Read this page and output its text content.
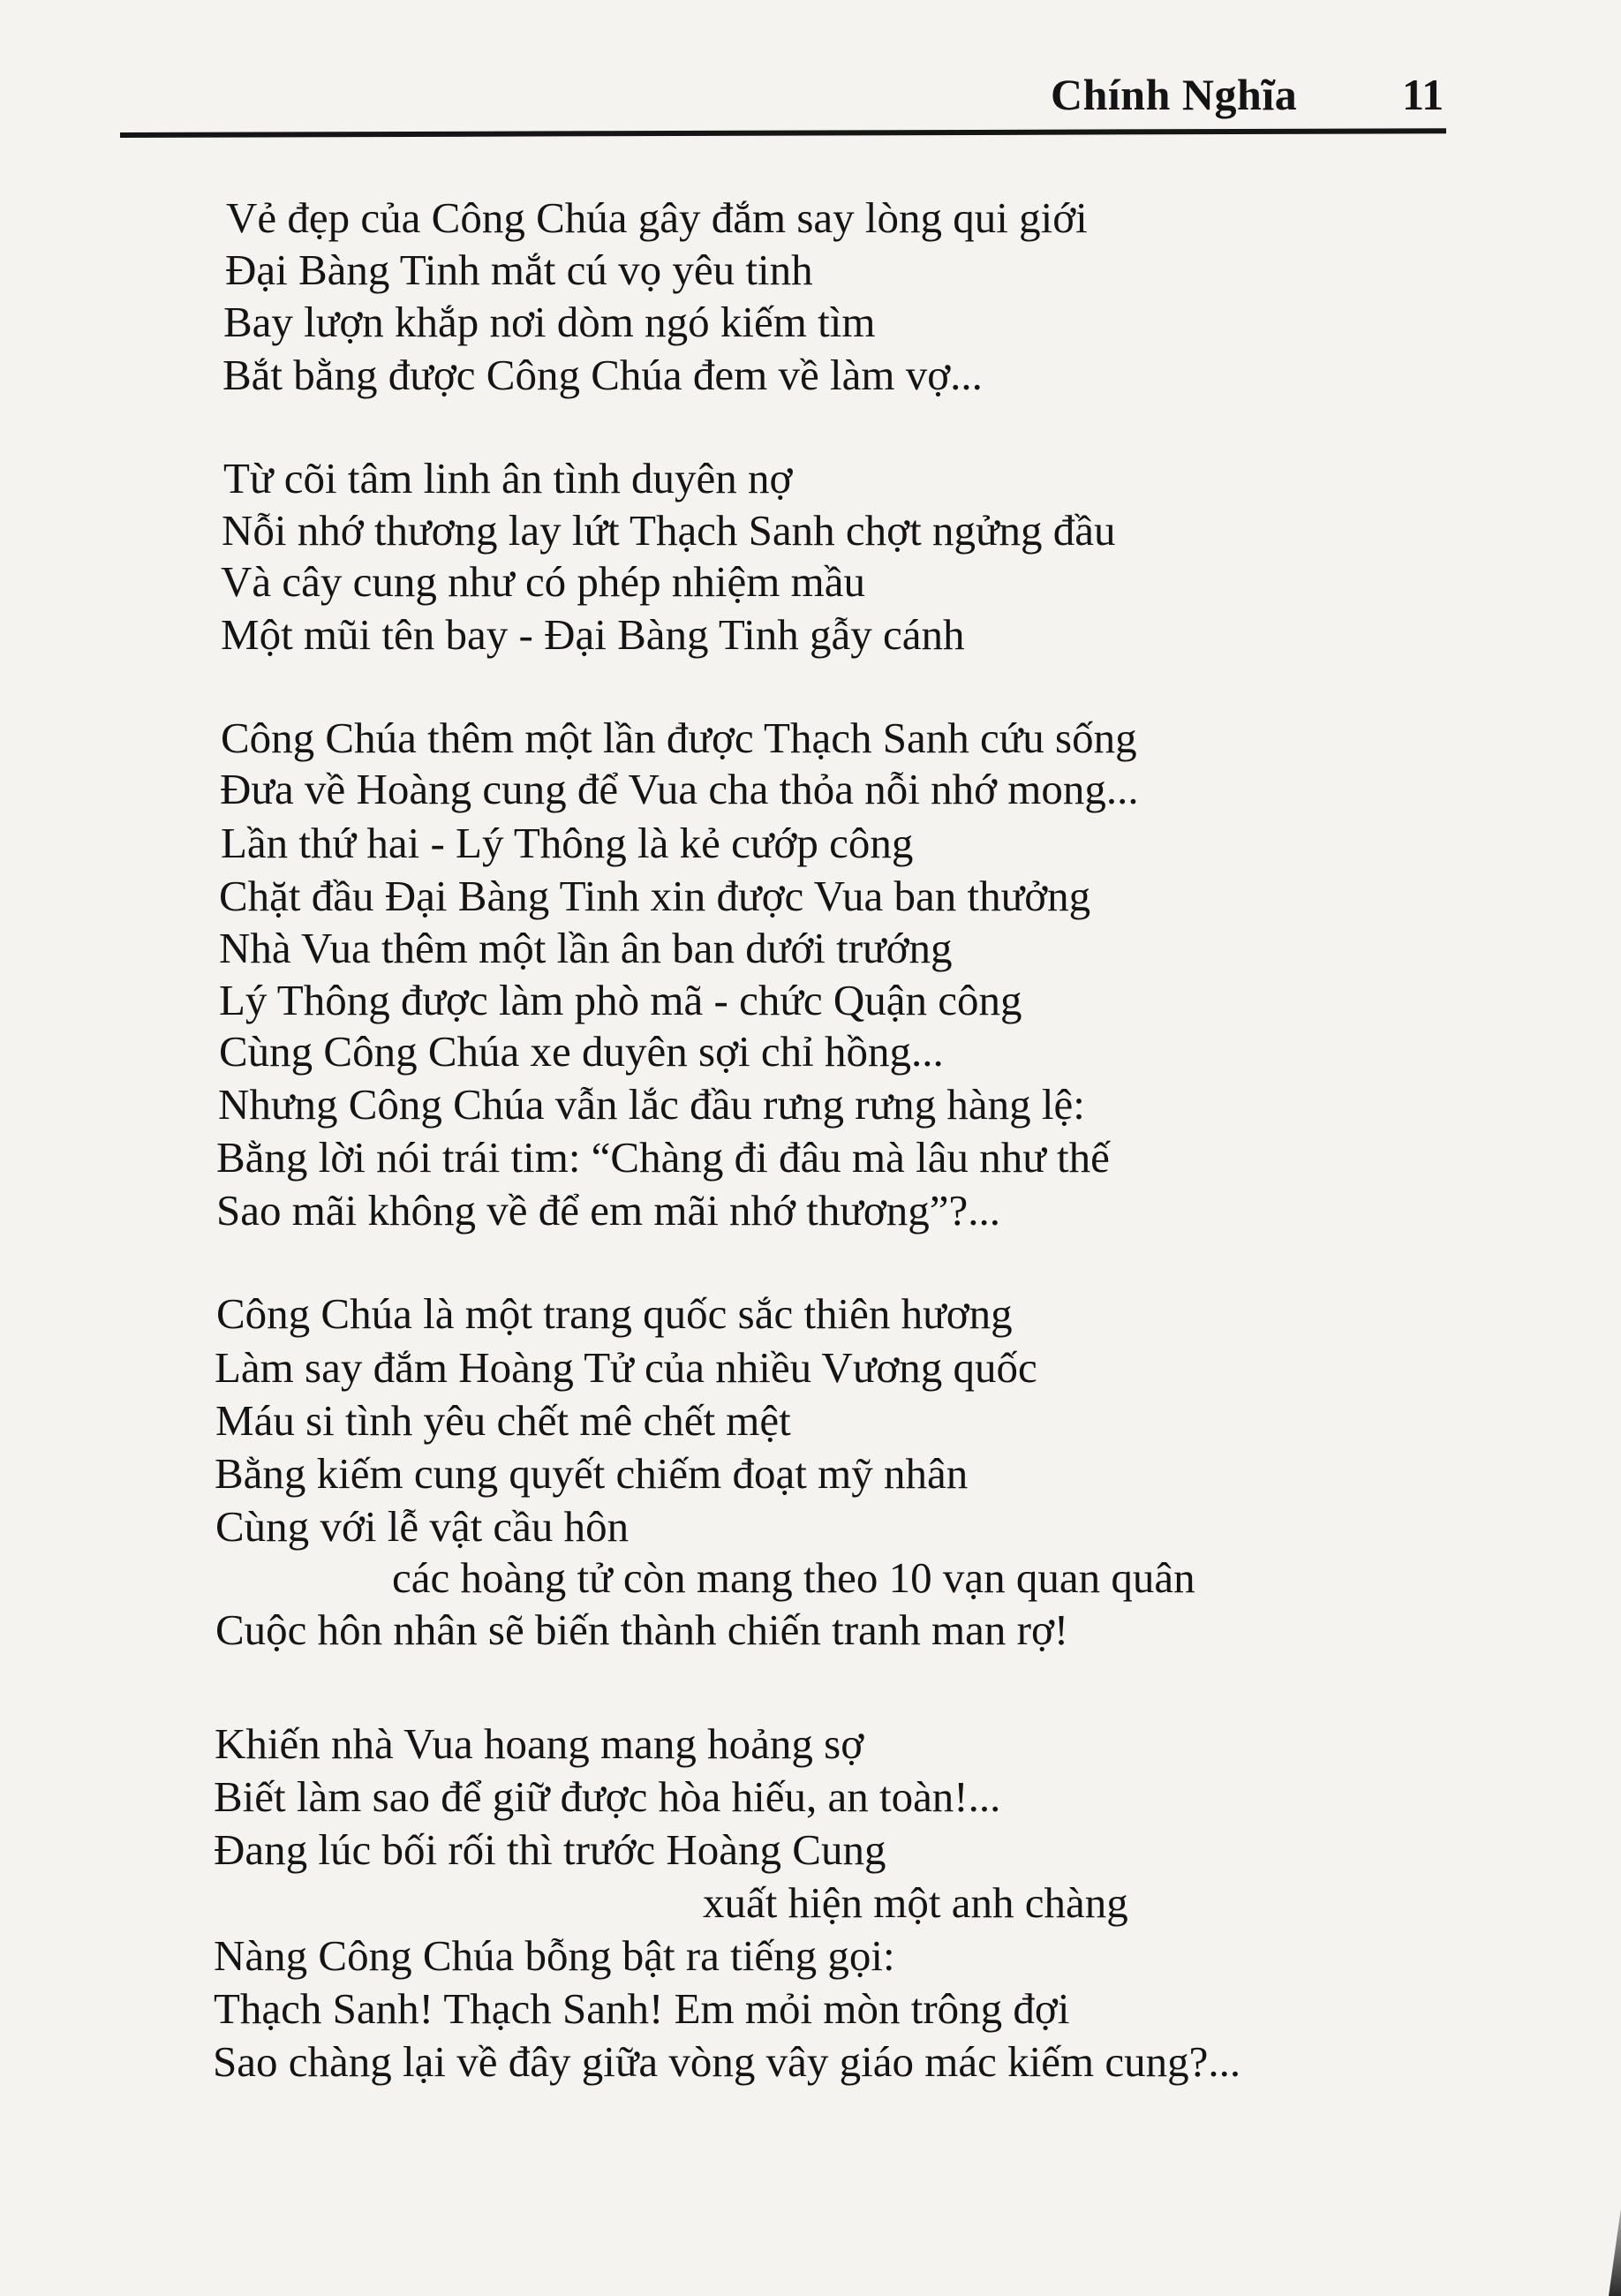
Chính Nghĩa 11
Vẻ đẹp của Công Chúa gây đắm say lòng qui giới
Đại Bàng Tinh mắt cú vọ yêu tinh
Bay lượn khắp nơi dòm ngó kiếm tìm
Bắt bằng được Công Chúa đem về làm vợ...
Từ cõi tâm linh ân tình duyên nợ
Nỗi nhớ thương lay lứt Thạch Sanh chợt ngửng đầu
Và cây cung như có phép nhiệm mầu
Một mũi tên bay - Đại Bàng Tinh gẫy cánh
Công Chúa thêm một lần được Thạch Sanh cứu sống
Đưa về Hoàng cung để Vua cha thỏa nỗi nhớ mong...
Lần thứ hai - Lý Thông là kẻ cướp công
Chặt đầu Đại Bàng Tinh xin được Vua ban thưởng
Nhà Vua thêm một lần ân ban dưới trướng
Lý Thông được làm phò mã - chức Quận công
Cùng Công Chúa xe duyên sợi chỉ hồng...
Nhưng Công Chúa vẫn lắc đầu rưng rưng hàng lệ:
Bằng lời nói trái tim: “Chàng đi đâu mà lâu như thế
Sao mãi không về để em mãi nhớ thương”?...
Công Chúa là một trang quốc sắc thiên hương
Làm say đắm Hoàng Tử của nhiều Vương quốc
Máu si tình yêu chết mê chết mệt
Bằng kiếm cung quyết chiếm đoạt mỹ nhân
Cùng với lễ vật cầu hôn
các hoàng tử còn mang theo 10 vạn quan quân
Cuộc hôn nhân sẽ biến thành chiến tranh man rợ!
Khiến nhà Vua hoang mang hoảng sợ
Biết làm sao để giữ được hòa hiếu, an toàn!...
Đang lúc bối rối thì trước Hoàng Cung
xuất hiện một anh chàng
Nàng Công Chúa bỗng bật ra tiếng gọi:
Thạch Sanh! Thạch Sanh! Em mỏi mòn trông đợi
Sao chàng lại về đây giữa vòng vây giáo mác kiếm cung?...
